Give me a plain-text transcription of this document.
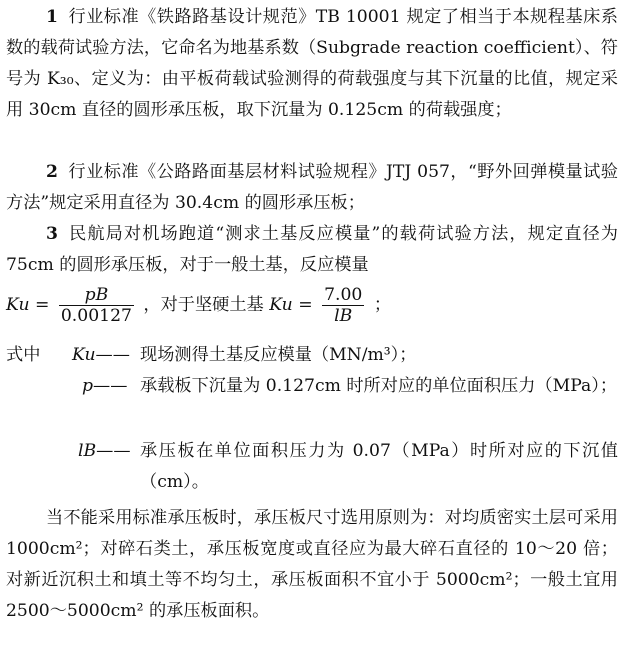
1 行业标准《铁路路基设计规范》TB 10001 规定了相当于本规程基床系数的载荷试验方法，它命名为地基系数（Subgrade reaction coefficient）、符号为 K₃₀、定义为：由平板荷载试验测得的荷载强度与其下沉量的比值，规定采用 30cm 直径的圆形承压板，取下沉量为 0.125cm 的荷载强度；

2 行业标准《公路路面基层材料试验规程》JTJ 057，“野外回弹模量试验方法”规定采用直径为 30.4cm 的圆形承压板；

3 民航局对机场跑道“测求土基反应模量”的载荷试验方法，规定直径为 75cm 的圆形承压板，对于一般土基，反应模量

$Ku = \frac{pB}{0.00127}$ ，对于坚硬土基 $Ku = \frac{7.00}{lB}$ ；
式中 Ku—— 现场测得土基反应模量（MN/m³）；
p—— 承载板下沉量为 0.127cm 时所对应的单位面积压力（MPa）；
lB—— 承压板在单位面积压力为 0.07（MPa）时所对应的下沉值（cm）。

当不能采用标准承压板时，承压板尺寸选用原则为：对均质密实土层可采用 1000cm²；对碎石类土，承压板宽度或直径应为最大碎石直径的 10～20 倍；对新近沉积土和填土等不均匀土，承压板面积不宜小于 5000cm²；一般土宜用 2500～5000cm² 的承压板面积。
